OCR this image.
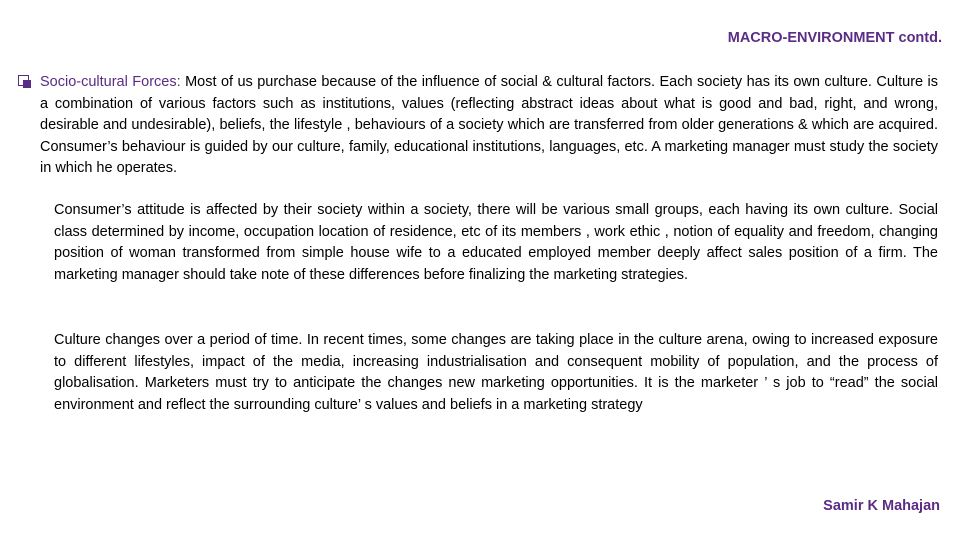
MACRO-ENVIRONMENT contd.
Socio-cultural Forces: Most of us purchase because of the influence of social & cultural factors. Each society has its own culture. Culture is a combination of various factors such as institutions, values (reflecting abstract ideas about what is good and bad, right, and wrong, desirable and undesirable), beliefs, the lifestyle , behaviours of a society which are transferred from older generations & which are acquired. Consumer’s behaviour is guided by our culture, family, educational institutions, languages, etc. A marketing manager must study the society in which he operates.
Consumer’s attitude is affected by their society within a society, there will be various small groups, each having its own culture. Social class determined by income, occupation location of residence, etc of its members , work ethic , notion of equality and freedom, changing position of woman transformed from simple house wife to a educated employed member deeply affect sales position of a firm. The marketing manager should take note of these differences before finalizing the marketing strategies.
Culture changes over a period of time. In recent times, some changes are taking place in the culture arena, owing to increased exposure to different lifestyles, impact of the media, increasing industrialisation and consequent mobility of population, and the process of globalisation. Marketers must try to anticipate the changes new marketing opportunities. It is the marketer ’ s job to “read” the social environment and reflect the surrounding culture’ s values and beliefs in a marketing strategy
Samir K Mahajan
